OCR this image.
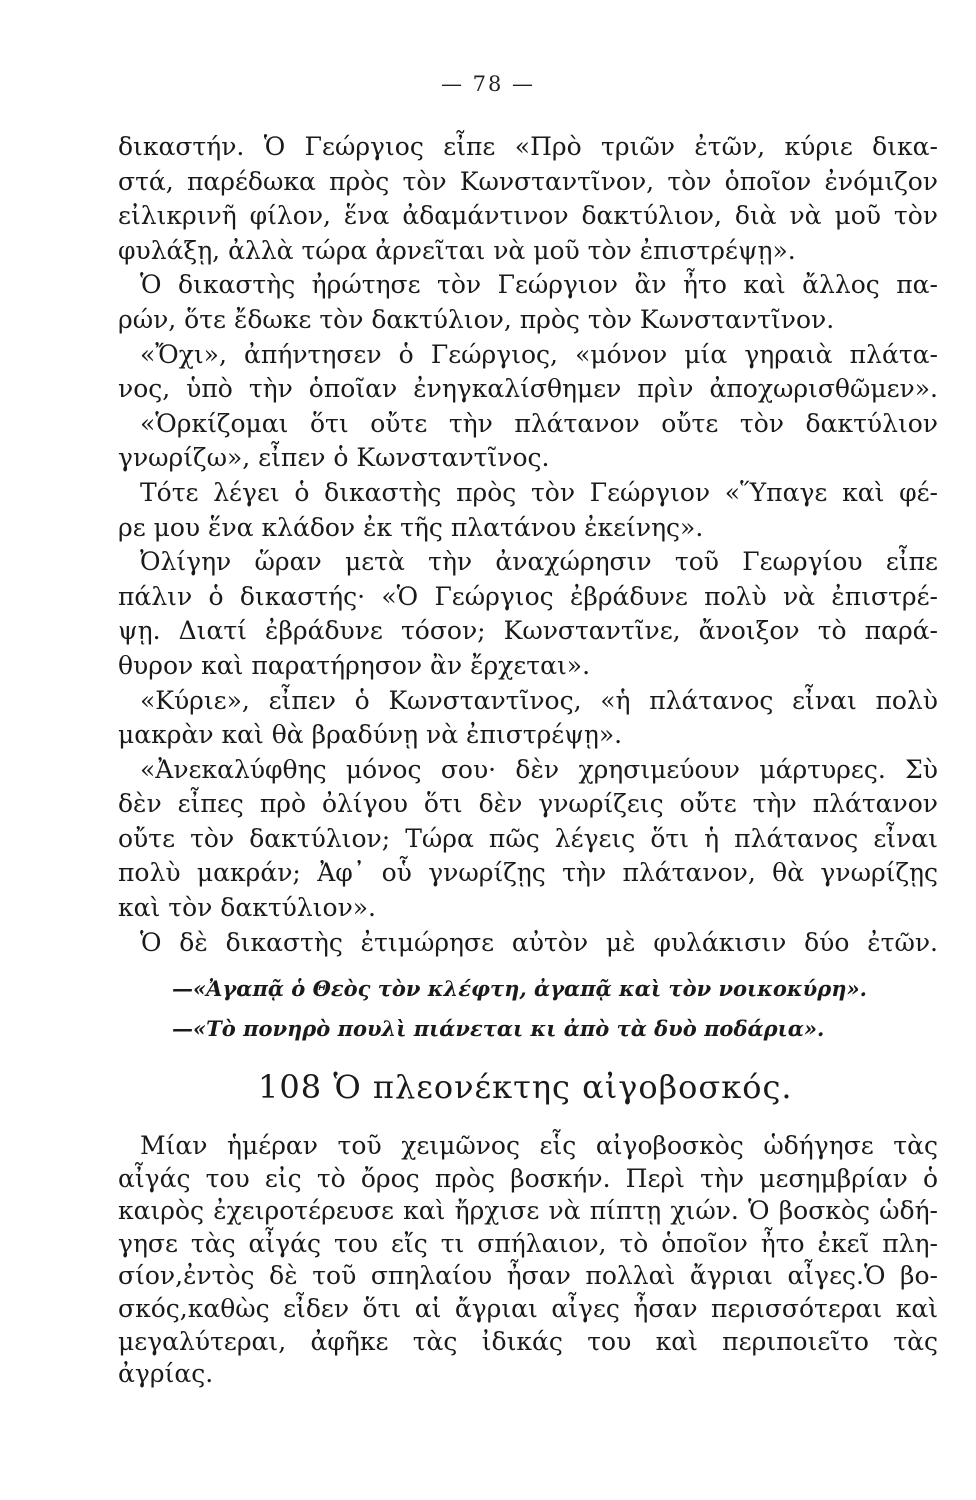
— 78 —
δικαστήν. Ὁ Γεώργιος εἶπε «Πρὸ τριῶν ἐτῶν, κύριε δικα-
στά, παρέδωκα πρὸς τὸν Κωνσταντῖνον, τὸν ὁποῖον ἐνόμιζον
εἰλικρινῆ φίλον, ἕνα ἀδαμάντινον δακτύλιον, διὰ νὰ μοῦ τὸν
φυλάξῃ, ἀλλὰ τώρα ἀρνεῖται νὰ μοῦ τὸν ἐπιστρέψῃ».
Ὁ δικαστὴς ἠρώτησε τὸν Γεώργιον ἂν ἦτο καὶ ἄλλος πα-
ρών, ὅτε ἔδωκε τὸν δακτύλιον, πρὸς τὸν Κωνσταντῖνον.
«Ὄχι», ἀπήντησεν ὁ Γεώργιος, «μόνον μία γηραιὰ πλάτα-
νος, ὑπὸ τὴν ὁποῖαν ἐνηγκαλίσθημεν πρὶν ἀποχωρισθῶμεν».
«Ὁρκίζομαι ὅτι οὔτε τὴν πλάτανον οὔτε τὸν δακτύλιον
γνωρίζω», εἶπεν ὁ Κωνσταντῖνος.
Τότε λέγει ὁ δικαστὴς πρὸς τὸν Γεώργιον «Ὕπαγε καὶ φέ-
ρε μου ἕνα κλάδον ἐκ τῆς πλατάνου ἐκείνης».
Ὀλίγην ὥραν μετὰ τὴν ἀναχώρησιν τοῦ Γεωργίου εἶπε
πάλιν ὁ δικαστής· «Ὁ Γεώργιος ἐβράδυνε πολὺ νὰ ἐπιστρέ-
ψῃ. Διατί ἐβράδυνε τόσον; Κωνσταντῖνε, ἄνοιξον τὸ παρά-
θυρον καὶ παρατήρησον ἂν ἔρχεται».
«Κύριε», εἶπεν ὁ Κωνσταντῖνος, «ἡ πλάτανος εἶναι πολὺ
μακρὰν καὶ θὰ βραδύνῃ νὰ ἐπιστρέψῃ».
«Ἀνεκαλύφθης μόνος σου· δὲν χρησιμεύουν μάρτυρες. Σὺ
δὲν εἶπες πρὸ ὀλίγου ὅτι δὲν γνωρίζεις οὔτε τὴν πλάτανον
οὔτε τὸν δακτύλιον; Τώρα πῶς λέγεις ὅτι ἡ πλάτανος εἶναι
πολὺ μακράν; Ἀφ᾽ οὗ γνωρίζῃς τὴν πλάτανον, θὰ γνωρίζῃς
καὶ τὸν δακτύλιον».
Ὁ δὲ δικαστὴς ἐτιμώρησε αὐτὸν μὲ φυλάκισιν δύο ἐτῶν.
—«Ἀγαπᾷ ὁ Θεὸς τὸν κλέφτη, ἀγαπᾷ καὶ τὸν νοικοκύρη».
—«Τὸ πονηρὸ πουλὶ πιάνεται κι ἀπὸ τὰ δυὸ ποδάρια».
108 Ὁ πλεονέκτης αἰγοβοσκός.
Μίαν ἡμέραν τοῦ χειμῶνος εἷς αἰγοβοσκὸς ὡδήγησε τὰς
αἶγάς του εἰς τὸ ὄρος πρὸς βοσκήν. Περὶ τὴν μεσημβρίαν ὁ
καιρὸς ἐχειροτέρευσε καὶ ἤρχισε νὰ πίπτῃ χιών. Ὁ βοσκὸς ὡδή-
γησε τὰς αἶγάς του εἴς τι σπήλαιον, τὸ ὁποῖον ἦτο ἐκεῖ πλη-
σίον,ἐντὸς δὲ τοῦ σπηλαίου ἦσαν πολλαὶ ἄγριαι αἶγες.Ὁ βο-
σκός,καθὼς εἶδεν ὅτι αἱ ἄγριαι αἶγες ἦσαν περισσότεραι καὶ
μεγαλύτεραι, ἀφῆκε τὰς ἰδικάς του καὶ περιποιεῖτο τὰς
ἀγρίας.
